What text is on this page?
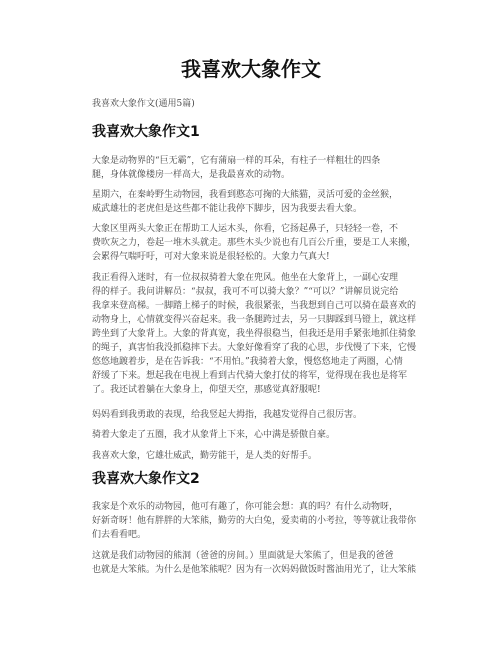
我喜欢大象作文

我喜欢大象作文(通用5篇)

我喜欢大象作文1

大象是动物界的“巨无霸”，它有蒲扇一样的耳朵，有柱子一样粗壮的四条
腿，身体就像楼房一样高大，是我最喜欢的动物。

星期六，在秦岭野生动物园，我看到憨态可掬的大熊猫，灵活可爱的金丝猴，
威武雄壮的老虎但是这些都不能让我停下脚步，因为我要去看大象。

大象区里两头大象正在帮助工人运木头，你看，它扬起鼻子，只轻轻一卷，不
费吹灰之力，卷起一堆木头就走。那些木头少说也有几百公斤重，要是工人来搬，
会累得气喘吁吁，可对大象来说是很轻松的。大象力气真大!

我正看得入迷时，有一位叔叔骑着大象在兜风。他坐在大象背上，一副心安理
得的样子。我问讲解员：“叔叔，我可不可以骑大象？”“可以？”讲解员说完给
我拿来登高梯。一脚踏上梯子的时候，我很紧张，当我想到自己可以骑在最喜欢的
动物身上，心情就变得兴奋起来。我一条腿跨过去，另一只脚踩到马镫上，就这样
跨坐到了大象背上。大象的背真宽，我坐得很稳当，但我还是用手紧张地抓住骑象
的绳子，真害怕我没抓稳摔下去。大象好像看穿了我的心思，步伐慢了下来，它慢
悠悠地踱着步，是在告诉我：“不用怕。”我骑着大象，慢悠悠地走了两圈，心情
舒缓了下来。想起我在电视上看到古代骑大象打仗的将军，觉得现在我也是将军
了。我还试着躺在大象身上，仰望天空，那感觉真舒服呢!

妈妈看到我勇敢的表现，给我竖起大拇指，我越发觉得自己很厉害。

骑着大象走了五圈，我才从象背上下来，心中满是骄傲自豪。

我喜欢大象，它雄壮威武，勤劳能干，是人类的好帮手。

我喜欢大象作文2

我家是个欢乐的动物园，他可有趣了，你可能会想：真的吗？有什么动物呀，
好新奇呀！他有胖胖的大笨熊，勤劳的大白兔，爱卖萌的小考拉，等等就让我带你
们去看看吧。

这就是我们动物园的熊洞（爸爸的房间。）里面就是大笨熊了，但是我的爸爸
也就是大笨熊。为什么是他笨熊呢？因为有一次妈妈做饭时酱油用光了，让大笨熊
